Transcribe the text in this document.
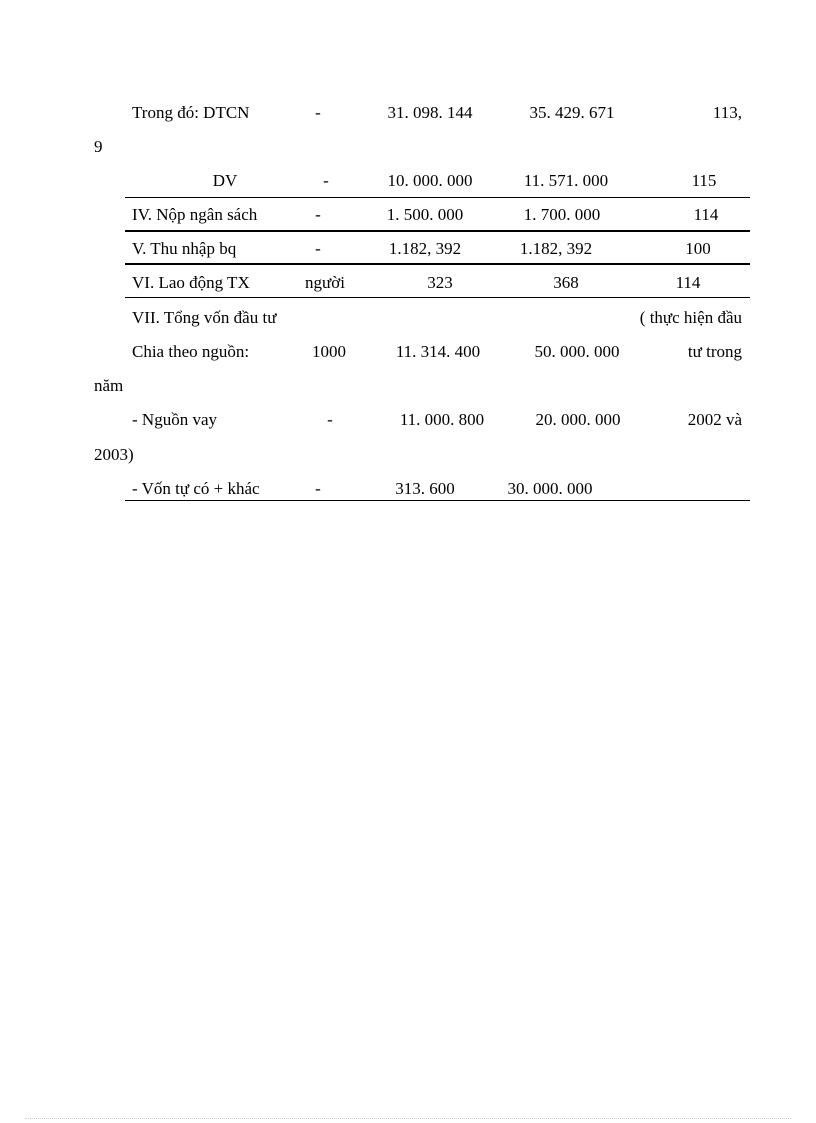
Trong đó: DTCN	-	31. 098. 144	35. 429. 671	113,
9
DV	-	10. 000. 000	11. 571. 000	115
IV. Nộp ngân sách	-	1. 500. 000	1. 700. 000	114
V. Thu nhập bq	-	1.182, 392	1.182, 392	100
VI. Lao động TX	người	323	368	114
VII. Tổng vốn đầu tư	( thực hiện đầu
Chia theo nguồn:	1000	11. 314. 400	50. 000. 000	tư trong
năm
- Nguồn vay	-	11. 000. 800	20. 000. 000	2002 và
2003)
- Vốn tự có + khác	-	313. 600	30. 000. 000
